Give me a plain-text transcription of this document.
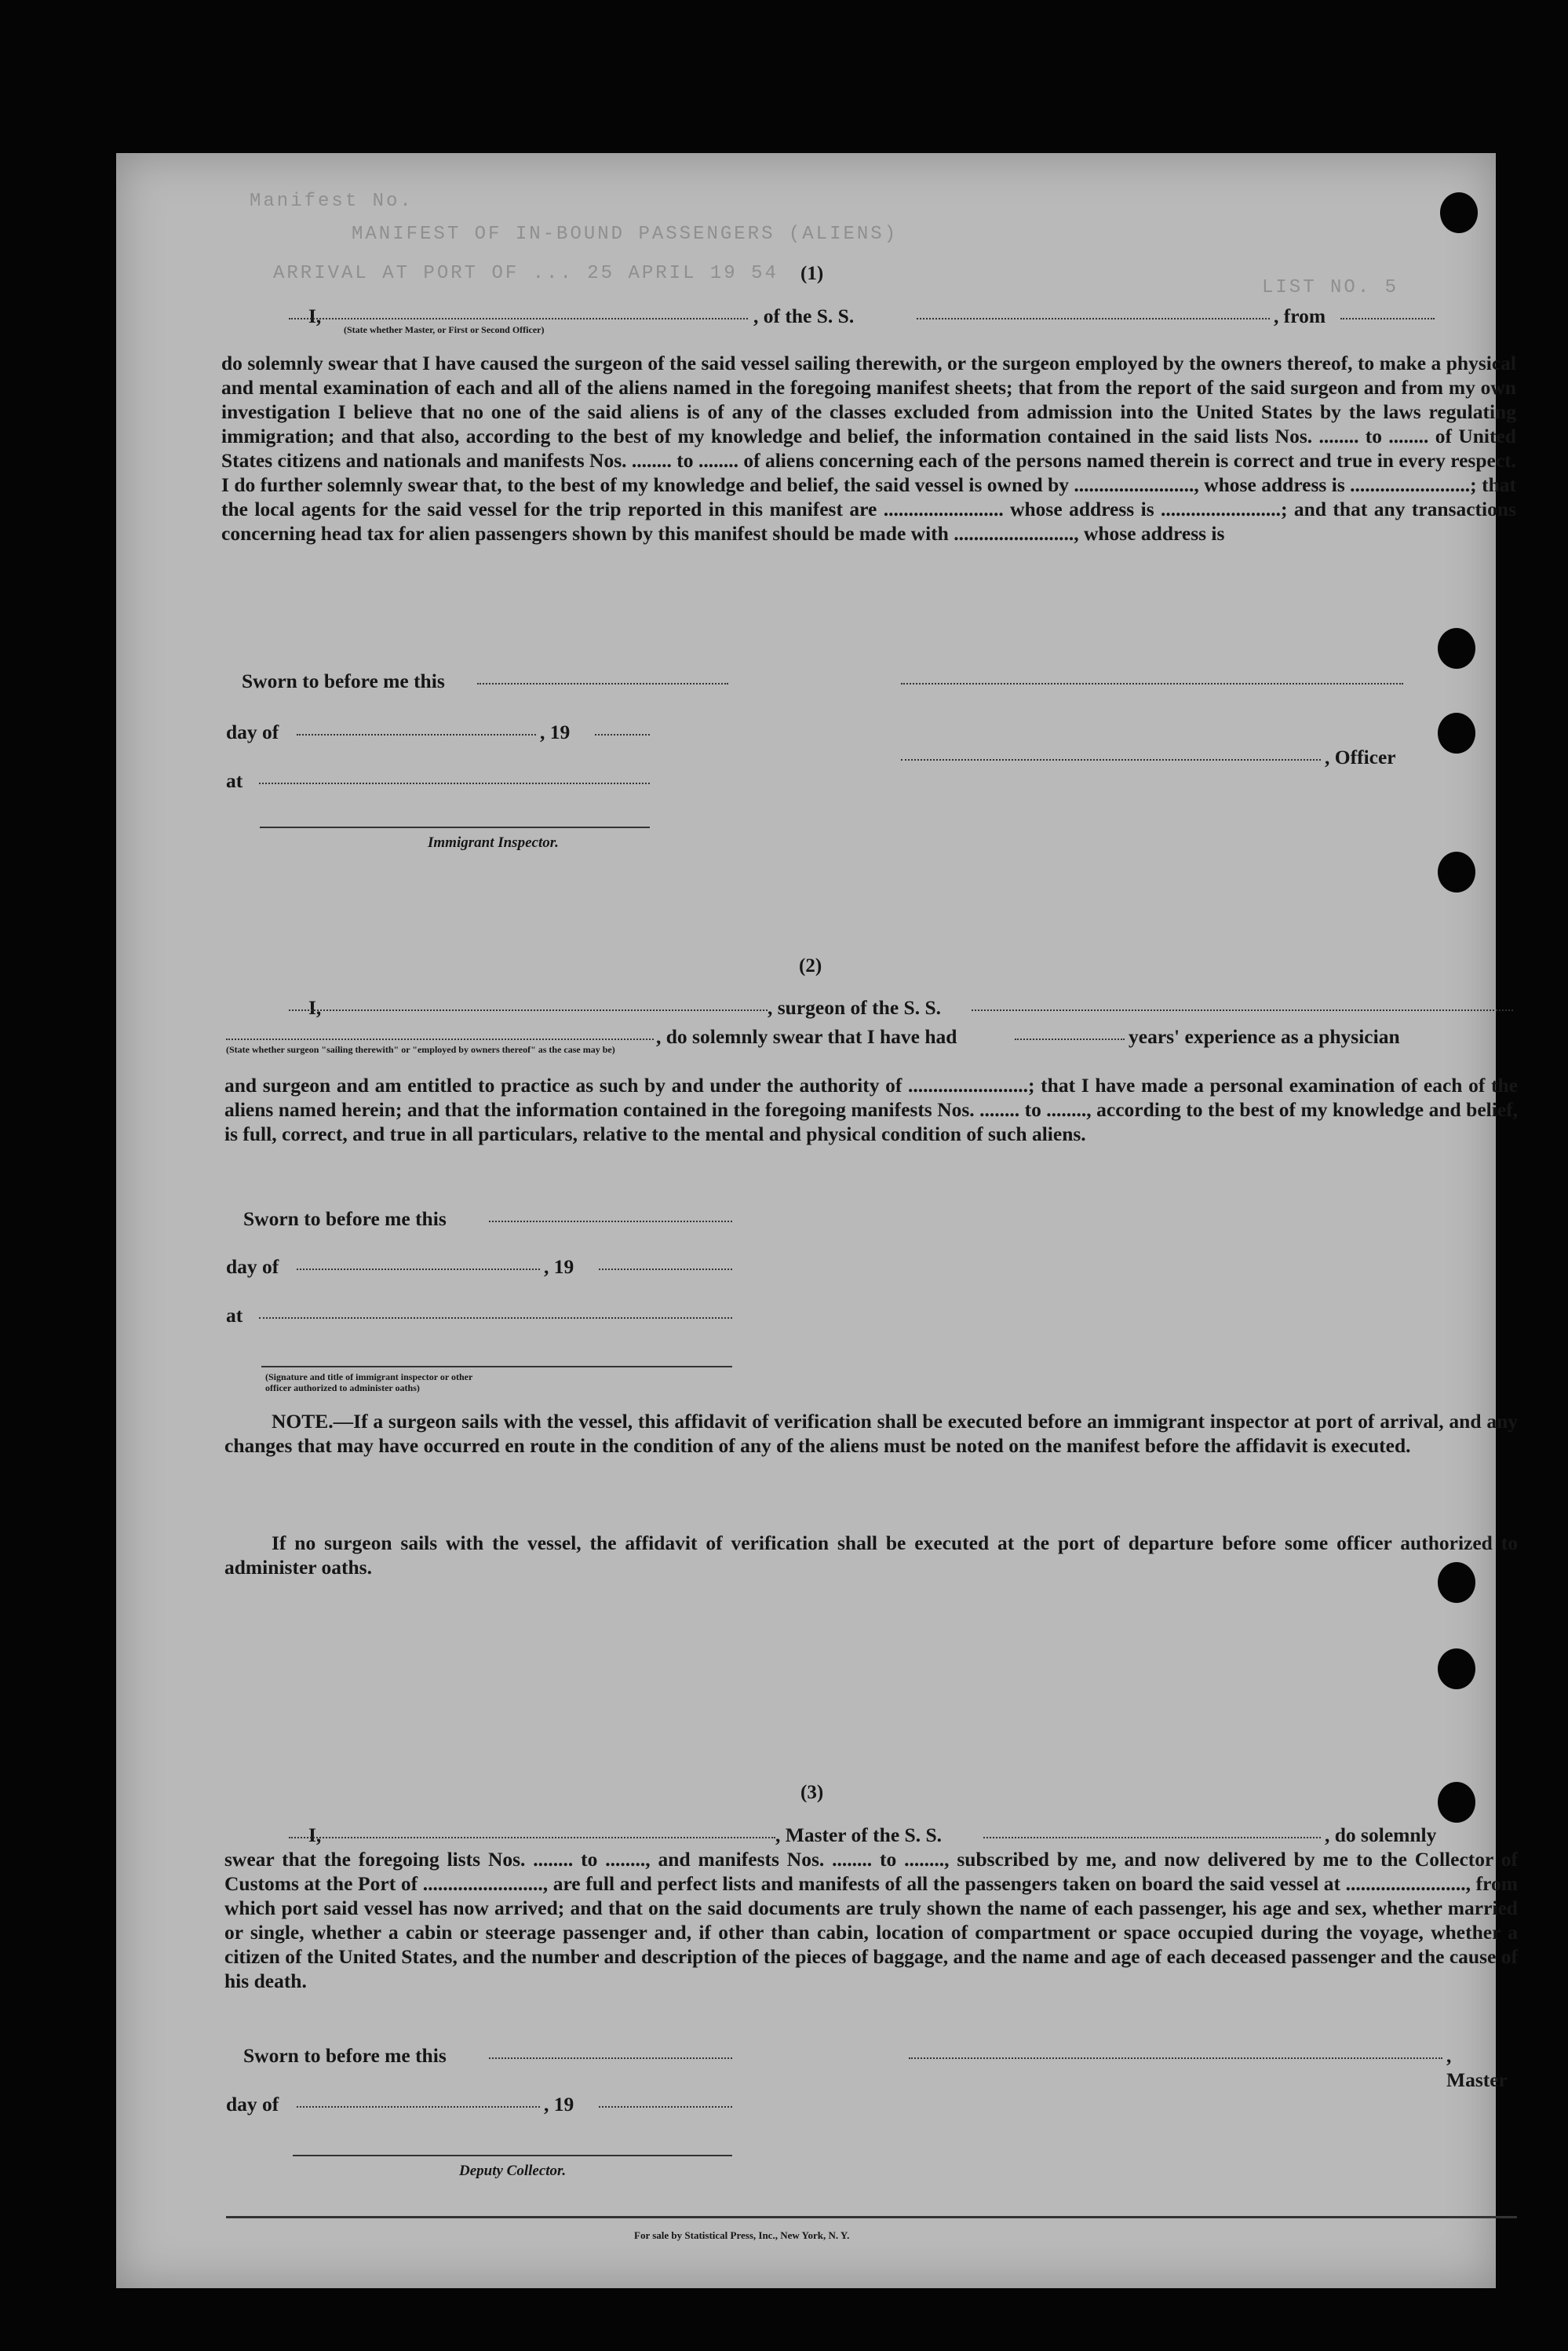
Manifest No.
MANIFEST OF IN-BOUND PASSENGERS (ALIENS)
ARRIVAL AT PORT OF ... 25 APRIL 19 54
LIST NO. 5
(1)
I,
(State whether Master, or First or Second Officer)
, of the S. S.	, from
do solemnly swear that I have caused the surgeon of the said vessel sailing therewith, or the surgeon employed by the owners thereof, to make a physical and mental examination of each and all of the aliens named in the foregoing manifest sheets; that from the report of the said surgeon and from my own investigation I believe that no one of the said aliens is of any of the classes excluded from admission into the United States by the laws regulating immigration; and that also, according to the best of my knowledge and belief, the information contained in the said lists Nos. ........ to ........ of United States citizens and nationals and manifests Nos. ........ to ........ of aliens concerning each of the persons named therein is correct and true in every respect. I do further solemnly swear that, to the best of my knowledge and belief, the said vessel is owned by ........................, whose address is ........................; that the local agents for the said vessel for the trip reported in this manifest are ........................ whose address is ........................; and that any transactions concerning head tax for alien passengers shown by this manifest should be made with ........................, whose address is
Sworn to before me this
day of	, 19
, Officer
at
Immigrant Inspector.
(2)
I,	, surgeon of the S. S.
, do solemnly swear that I have had	years' experience as a physician
(State whether surgeon "sailing therewith" or "employed by owners thereof" as the case may be)
and surgeon and am entitled to practice as such by and under the authority of ........................; that I have made a personal examination of each of the aliens named herein; and that the information contained in the foregoing manifests Nos. ........ to ........, according to the best of my knowledge and belief, is full, correct, and true in all particulars, relative to the mental and physical condition of such aliens.
Sworn to before me this
day of	, 19
at
(Signature and title of immigrant inspector or other officer authorized to administer oaths)
NOTE.—If a surgeon sails with the vessel, this affidavit of verification shall be executed before an immigrant inspector at port of arrival, and any changes that may have occurred en route in the condition of any of the aliens must be noted on the manifest before the affidavit is executed.
If no surgeon sails with the vessel, the affidavit of verification shall be executed at the port of departure before some officer authorized to administer oaths.
(3)
I,	, Master of the S. S.	, do solemnly
swear that the foregoing lists Nos. ........ to ........, and manifests Nos. ........ to ........, subscribed by me, and now delivered by me to the Collector of Customs at the Port of ........................, are full and perfect lists and manifests of all the passengers taken on board the said vessel at ........................, from which port said vessel has now arrived; and that on the said documents are truly shown the name of each passenger, his age and sex, whether married or single, whether a cabin or steerage passenger and, if other than cabin, location of compartment or space occupied during the voyage, whether a citizen of the United States, and the number and description of the pieces of baggage, and the name and age of each deceased passenger and the cause of his death.
Sworn to before me this	, Master
day of	, 19
Deputy Collector.
For sale by Statistical Press, Inc., New York, N. Y.
